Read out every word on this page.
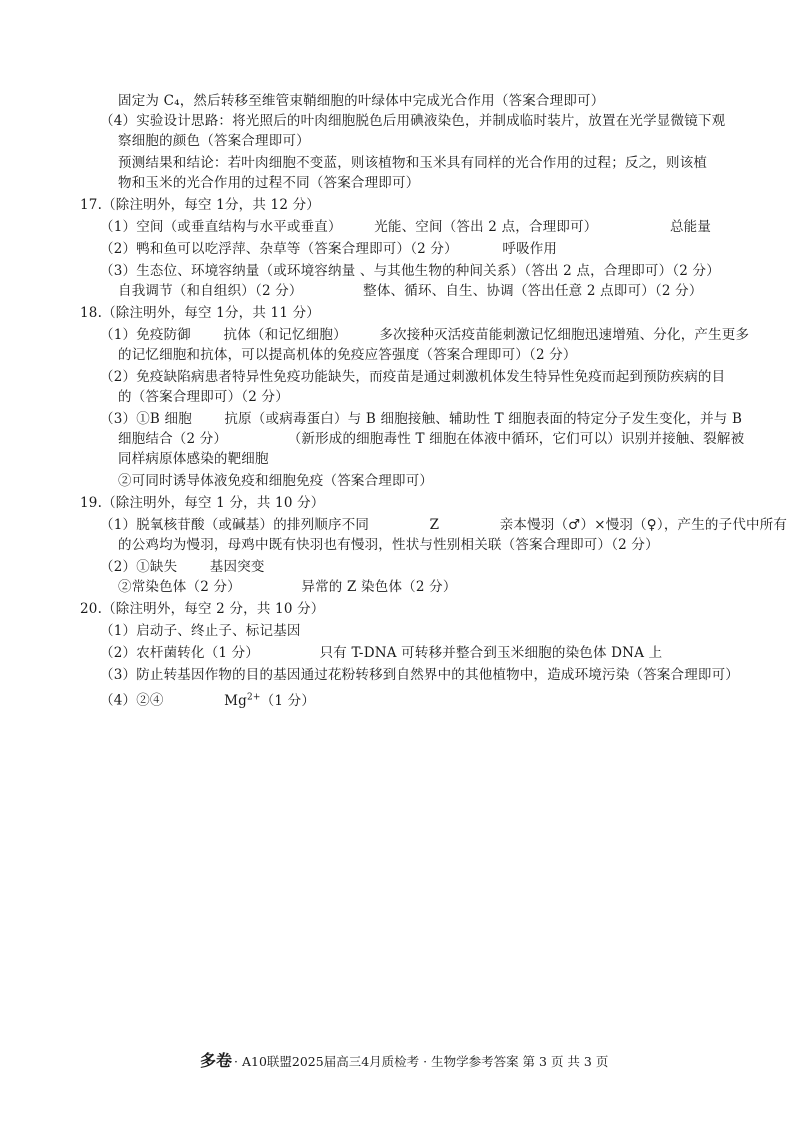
固定为 C₄，然后转移至维管束鞘细胞的叶绿体中完成光合作用（答案合理即可）
（4）实验设计思路：将光照后的叶肉细胞脱色后用碘液染色，并制成临时装片，放置在光学显微镜下观
察细胞的颜色（答案合理即可）
预测结果和结论：若叶肉细胞不变蓝，则该植物和玉米具有同样的光合作用的过程；反之，则该植
物和玉米的光合作用的过程不同（答案合理即可）
17.（除注明外，每空 1分，共 12 分）
（1）空间（或垂直结构与水平或垂直） 光能、空间（答出 2 点，合理即可）	总能量
（2）鸭和鱼可以吃浮萍、杂草等（答案合理即可）（2 分）	呼吸作用
（3）生态位、环境容纳量（或环境容纳量 、与其他生物的种间关系）（答出 2 点，合理即可）（2 分）
自我调节（和自组织）（2 分）	整体、循环、自生、协调（答出任意 2 点即可）（2 分）
18.（除注明外，每空 1分，共 11 分）
（1）免疫防御 抗体（和记忆细胞） 多次接种灭活疫苗能刺激记忆细胞迅速增殖、分化，产生更多
的记忆细胞和抗体，可以提高机体的免疫应答强度（答案合理即可）（2 分）
（2）免疫缺陷病患者特异性免疫功能缺失，而疫苗是通过刺激机体发生特异性免疫而起到预防疾病的目
的（答案合理即可）（2 分）
（3）①B 细胞 抗原（或病毒蛋白）与 B 细胞接触、辅助性 T 细胞表面的特定分子发生变化，并与 B
细胞结合（2 分）	（新形成的细胞毒性 T 细胞在体液中循环，它们可以）识别并接触、裂解被
同样病原体感染的靶细胞
②可同时诱导体液免疫和细胞免疫（答案合理即可）
19.（除注明外，每空 1 分，共 10 分）
（1）脱氧核苷酸（或碱基）的排列顺序不同	Z	亲本慢羽（♂）×慢羽（♀），产生的子代中所有
的公鸡均为慢羽，母鸡中既有快羽也有慢羽，性状与性别相关联（答案合理即可）（2 分）
（2）①缺失 基因突变
②常染色体（2 分）	异常的 Z 染色体（2 分）
20.（除注明外，每空 2 分，共 10 分）
（1）启动子、终止子、标记基因
（2）农杆菌转化（1 分）	只有 T-DNA 可转移并整合到玉米细胞的染色体 DNA 上
（3）防止转基因作物的目的基因通过花粉转移到自然界中的其他植物中，造成环境污染（答案合理即可）
（4）②④	$Mg^{2+}(1$ 分）
多卷 · A10联盟2025届高三4月质检考 · 生物学参考答案 第 3 页 共 3 页
